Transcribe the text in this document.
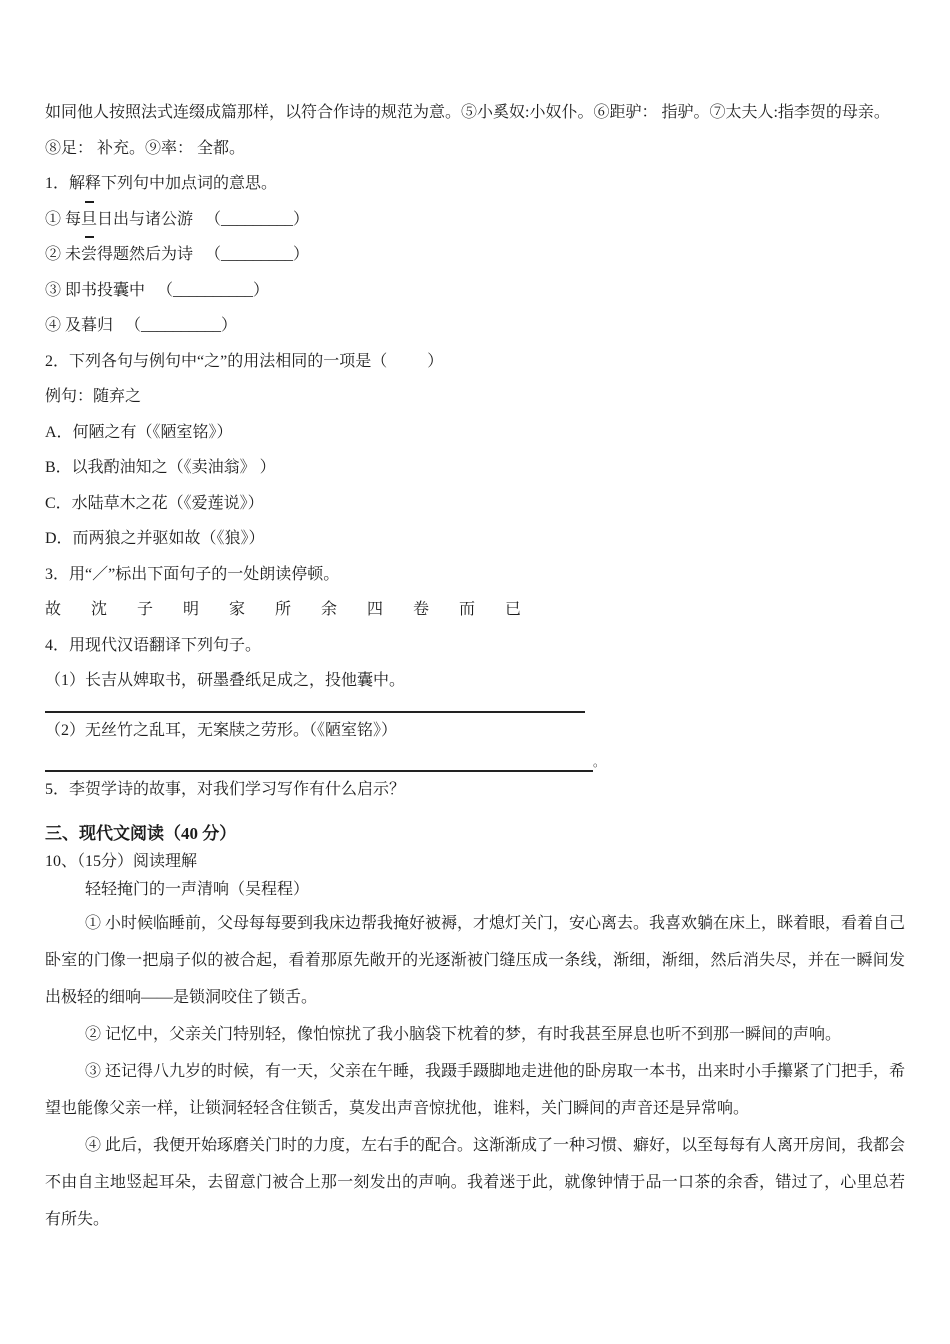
如同他人按照法式连缀成篇那样，以符合作诗的规范为意。⑤小奚奴:小奴仆。⑥距驴： 指驴。⑦太夫人:指李贺的母亲。

⑧足： 补充。⑨率： 全都。

1．解释下列句中加点词的意思。

① 每旦日出与诸公游 （_________）

② 未尝得题然后为诗 （_________）

③ 即书投囊中 （__________）

④ 及暮归 （__________）

2．下列各句与例句中“之”的用法相同的一项是（          ）

例句：随弃之

A．何陋之有（《陋室铭》）

B．以我酌油知之（《卖油翁》 ）

C．水陆草木之花（《爱莲说》）

D．而两狼之并驱如故（《狼》）

3．用“／”标出下面句子的一处朗读停顿。

故 沈 子 明 家 所 余 四 卷 而 已

4．用现代汉语翻译下列句子。

（1）长吉从婢取书，研墨叠纸足成之，投他囊中。

（2）无丝竹之乱耳，无案牍之劳形。（《陋室铭》）

。

5．李贺学诗的故事，对我们学习写作有什么启示？

三、现代文阅读（40 分）

10、（15分）阅读理解

轻轻掩门的一声清响（吴程程）

① 小时候临睡前，父母每每要到我床边帮我掩好被褥，才熄灯关门，安心离去。我喜欢躺在床上，眯着眼，看着自己卧室的门像一把扇子似的被合起，看着那原先敞开的光逐渐被门缝压成一条线，渐细，渐细，然后消失尽，并在一瞬间发出极轻的细响——是锁洞咬住了锁舌。

② 记忆中，父亲关门特别轻，像怕惊扰了我小脑袋下枕着的梦，有时我甚至屏息也听不到那一瞬间的声响。

③ 还记得八九岁的时候，有一天，父亲在午睡，我蹑手蹑脚地走进他的卧房取一本书，出来时小手攥紧了门把手，希望也能像父亲一样，让锁洞轻轻含住锁舌，莫发出声音惊扰他，谁料，关门瞬间的声音还是异常响。

④ 此后，我便开始琢磨关门时的力度，左右手的配合。这渐渐成了一种习惯、癖好，以至每每有人离开房间，我都会不由自主地竖起耳朵，去留意门被合上那一刻发出的声响。我着迷于此，就像钟情于品一口茶的余香，错过了，心里总若有所失。
